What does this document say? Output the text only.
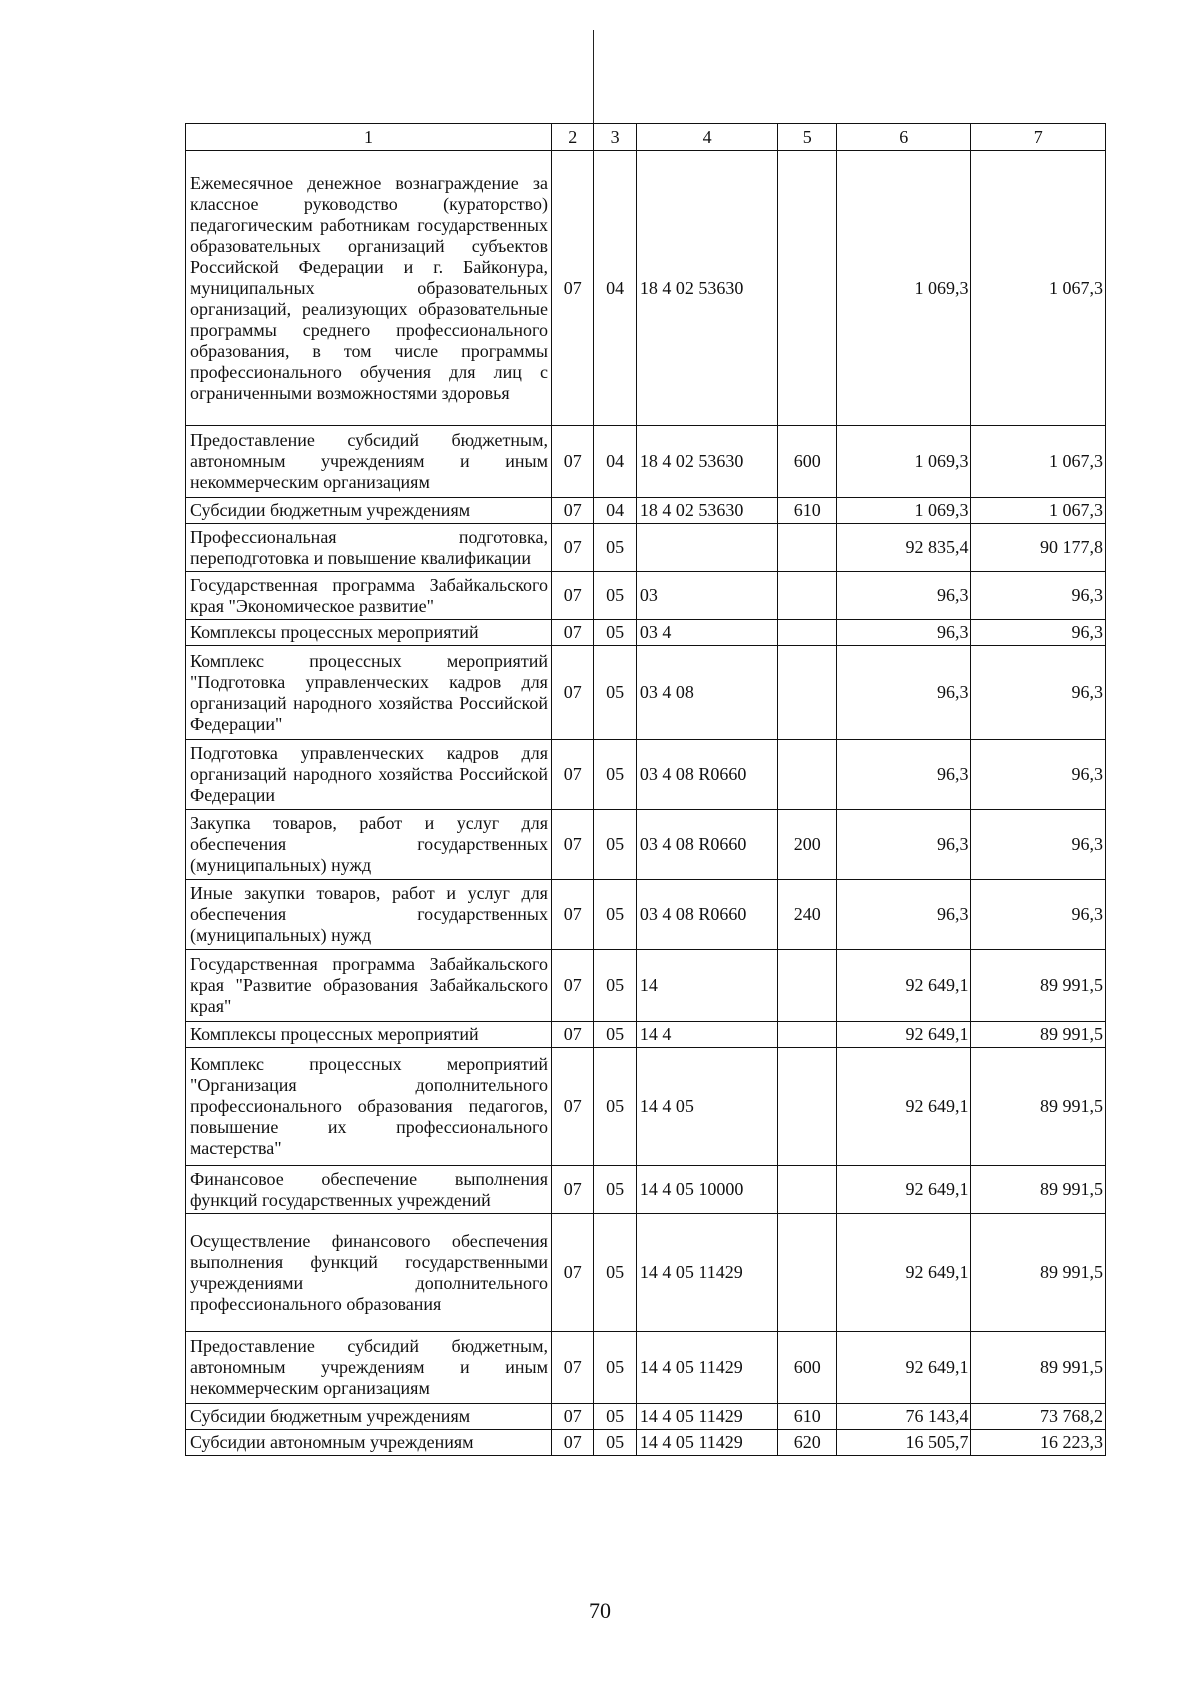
1	2	3	4	5	6	7
Ежемесячное денежное вознаграждение за классное руководство (кураторство) педагогическим работникам государственных образовательных организаций субъектов Российской Федерации и г. Байконура, муниципальных образовательных организаций, реализующих образовательные программы среднего профессионального образования, в том числе программы профессионального обучения для лиц с ограниченными возможностями здоровья	07	04	18 4 02 53630		1 069,3	1 067,3
Предоставление субсидий бюджетным, автономным учреждениям и иным некоммерческим организациям	07	04	18 4 02 53630	600	1 069,3	1 067,3
Субсидии бюджетным учреждениям	07	04	18 4 02 53630	610	1 069,3	1 067,3
Профессиональная подготовка, переподготовка и повышение квалификации	07	05			92 835,4	90 177,8
Государственная программа Забайкальского края "Экономическое развитие"	07	05	03		96,3	96,3
Комплексы процессных мероприятий	07	05	03 4		96,3	96,3
Комплекс процессных мероприятий "Подготовка управленческих кадров для организаций народного хозяйства Российской Федерации"	07	05	03 4 08		96,3	96,3
Подготовка управленческих кадров для организаций народного хозяйства Российской Федерации	07	05	03 4 08 R0660		96,3	96,3
Закупка товаров, работ и услуг для обеспечения государственных (муниципальных) нужд	07	05	03 4 08 R0660	200	96,3	96,3
Иные закупки товаров, работ и услуг для обеспечения государственных (муниципальных) нужд	07	05	03 4 08 R0660	240	96,3	96,3
Государственная программа Забайкальского края "Развитие образования Забайкальского края"	07	05	14		92 649,1	89 991,5
Комплексы процессных мероприятий	07	05	14 4		92 649,1	89 991,5
Комплекс процессных мероприятий "Организация дополнительного профессионального образования педагогов, повышение их профессионального мастерства"	07	05	14 4 05		92 649,1	89 991,5
Финансовое обеспечение выполнения функций государственных учреждений	07	05	14 4 05 10000		92 649,1	89 991,5
Осуществление финансового обеспечения выполнения функций государственными учреждениями дополнительного профессионального образования	07	05	14 4 05 11429		92 649,1	89 991,5
Предоставление субсидий бюджетным, автономным учреждениям и иным некоммерческим организациям	07	05	14 4 05 11429	600	92 649,1	89 991,5
Субсидии бюджетным учреждениям	07	05	14 4 05 11429	610	76 143,4	73 768,2
Субсидии автономным учреждениям	07	05	14 4 05 11429	620	16 505,7	16 223,3
70
